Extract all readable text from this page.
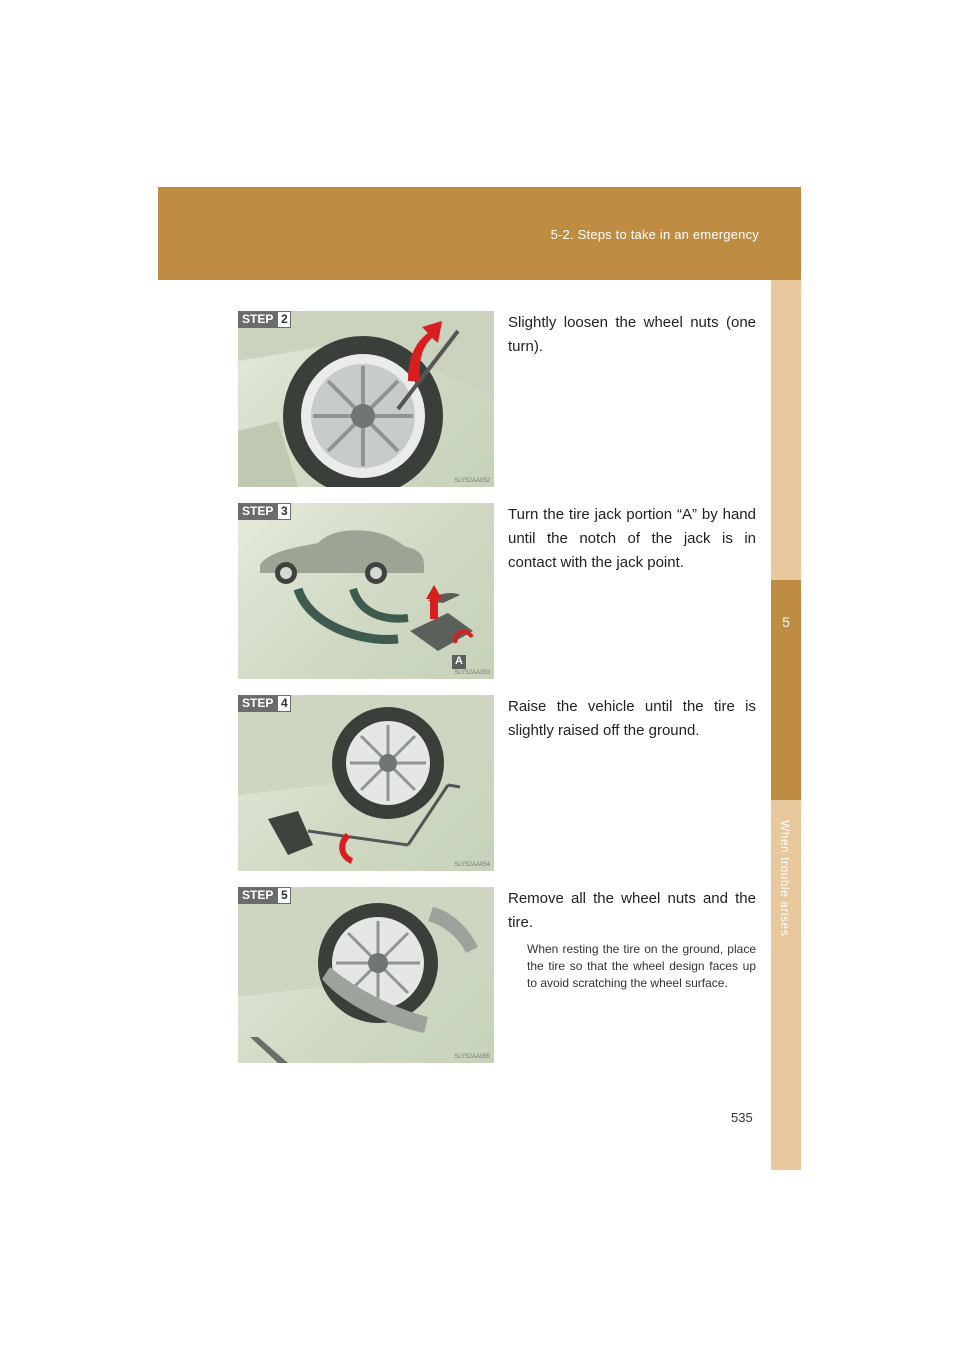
5-2. Steps to take in an emergency
5
When trouble arises
SLY52AA052
STEP 2	Slightly loosen the wheel nuts (one turn).
A
SLY52AA053
STEP 3	Turn the tire jack portion “A” by hand until the notch of the jack is in contact with the jack point.
SLY52AA054
STEP 4	Raise the vehicle until the tire is slightly raised off the ground.
SLY52AA055
STEP 5	Remove all the wheel nuts and the tire.
When resting the tire on the ground, place the tire so that the wheel design faces up to avoid scratching the wheel surface.
535
